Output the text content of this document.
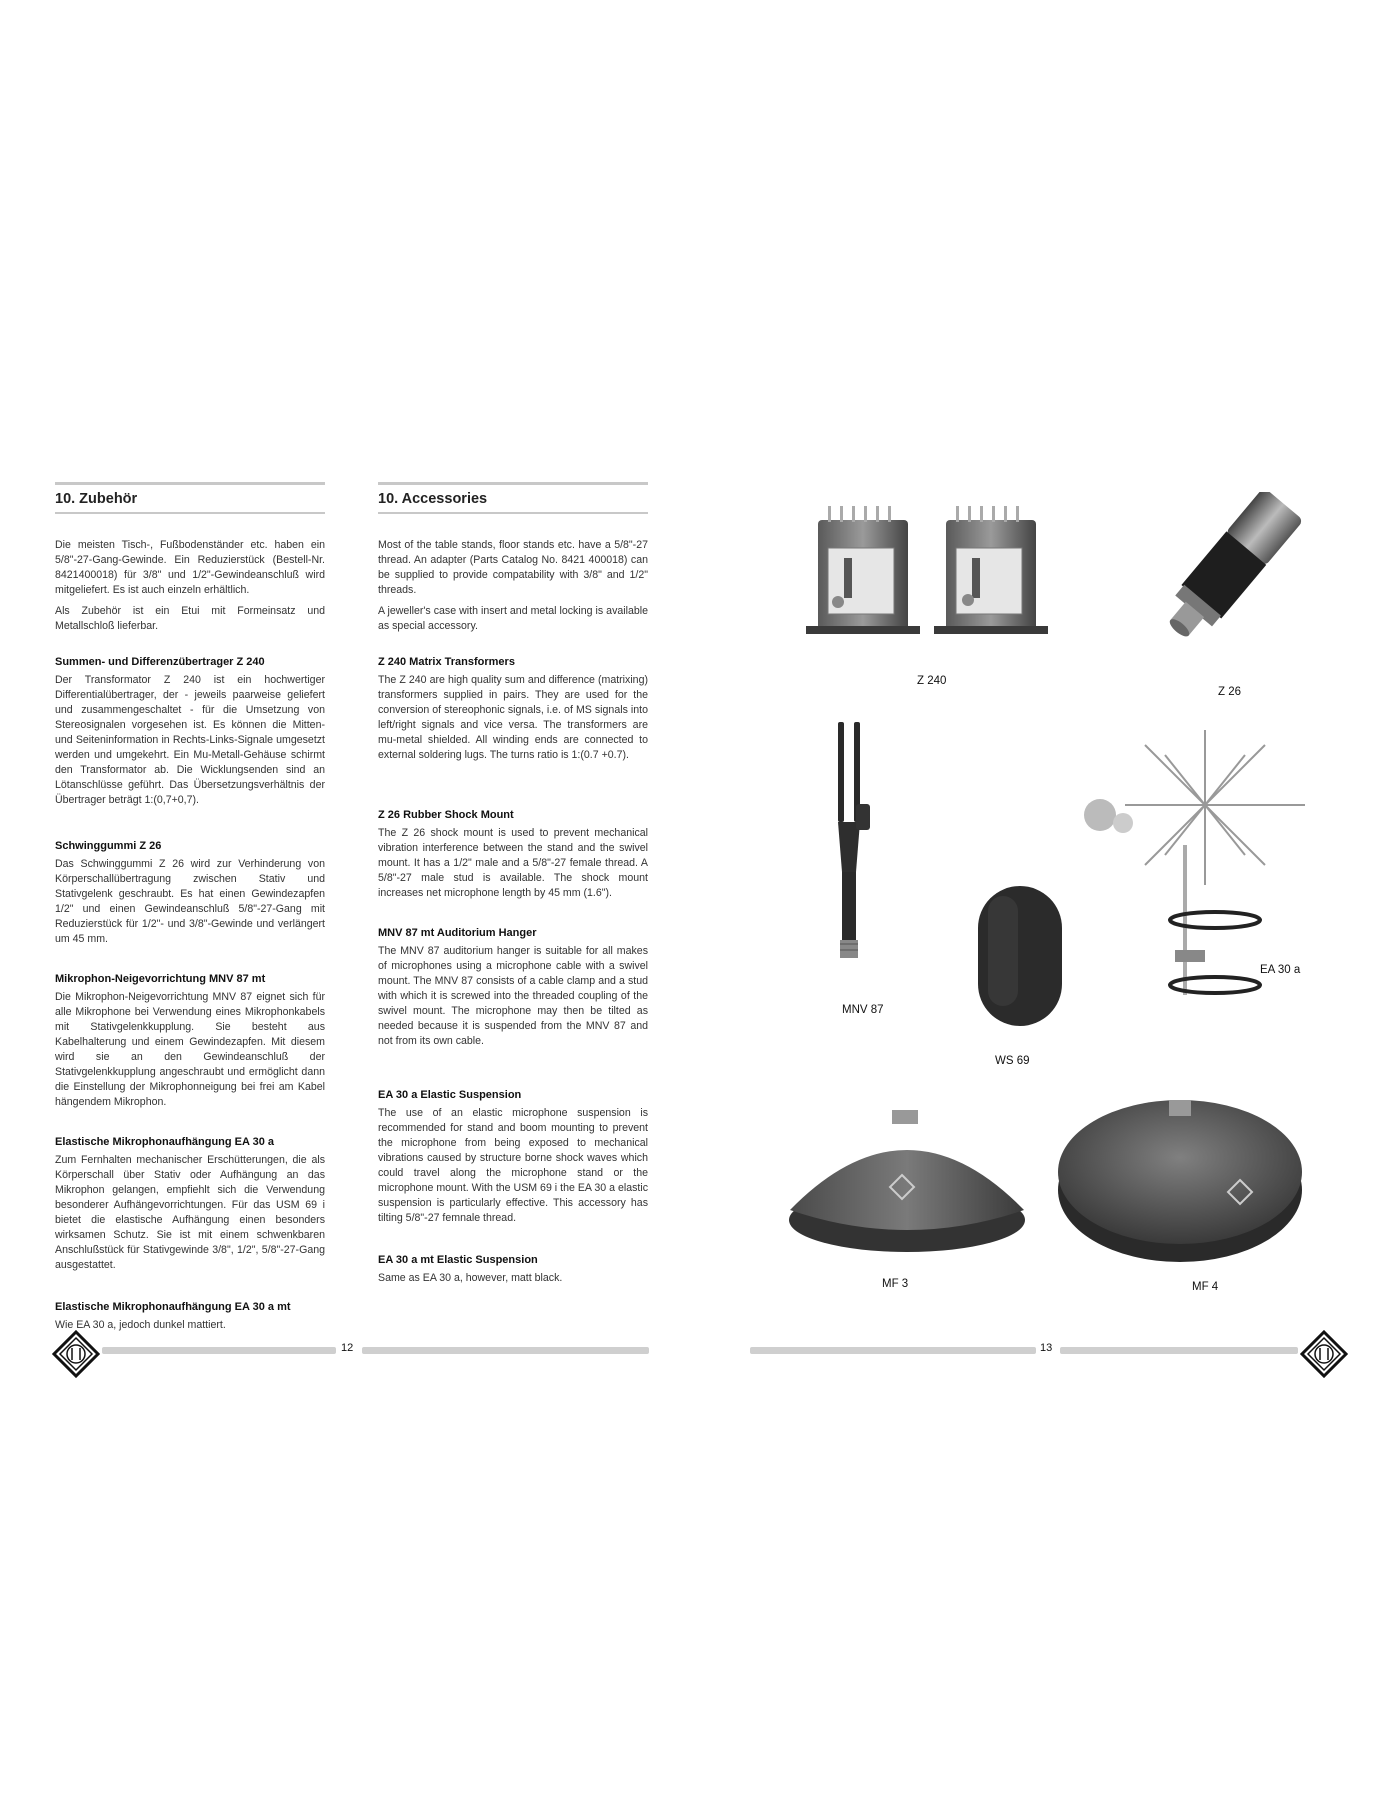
10. Zubehör

Die meisten Tisch-, Fußbodenständer etc. haben ein 5/8"-27-Gang-Gewinde. Ein Reduzierstück (Bestell-Nr. 8421400018) für 3/8" und 1/2"-Gewindeanschluß wird mitgeliefert. Es ist auch einzeln erhältlich.

Als Zubehör ist ein Etui mit Formeinsatz und Metallschloß lieferbar.

Summen- und Differenzübertrager Z 240

Der Transformator Z 240 ist ein hochwertiger Differentialübertrager, der - jeweils paarweise geliefert und zusammengeschaltet - für die Umsetzung von Stereosignalen vorgesehen ist. Es können die Mitten- und Seiteninformation in Rechts-Links-Signale umgesetzt werden und umgekehrt. Ein Mu-Metall-Gehäuse schirmt den Transformator ab. Die Wicklungsenden sind an Lötanschlüsse geführt. Das Übersetzungsverhältnis der Übertrager beträgt 1:(0,7+0,7).

Schwinggummi Z 26

Das Schwinggummi Z 26 wird zur Verhinderung von Körperschallübertragung zwischen Stativ und Stativgelenk geschraubt. Es hat einen Gewindezapfen 1/2" und einen Gewindeanschluß 5/8"-27-Gang mit Reduzierstück für 1/2"- und 3/8"-Gewinde und verlängert um 45 mm.

Mikrophon-Neigevorrichtung MNV 87 mt

Die Mikrophon-Neigevorrichtung MNV 87 eignet sich für alle Mikrophone bei Verwendung eines Mikrophonkabels mit Stativgelenkkupplung. Sie besteht aus Kabelhalterung und einem Gewindezapfen. Mit diesem wird sie an den Gewindeanschluß der Stativgelenkkupplung angeschraubt und ermöglicht dann die Einstellung der Mikrophonneigung bei frei am Kabel hängendem Mikrophon.

Elastische Mikrophonaufhängung EA 30 a

Zum Fernhalten mechanischer Erschütterungen, die als Körperschall über Stativ oder Aufhängung an das Mikrophon gelangen, empfiehlt sich die Verwendung besonderer Aufhängevorrichtungen. Für das USM 69 i bietet die elastische Aufhängung einen besonders wirksamen Schutz. Sie ist mit einem schwenkbaren Anschlußstück für Stativgewinde 3/8", 1/2", 5/8"-27-Gang ausgestattet.

Elastische Mikrophonaufhängung EA 30 a mt

Wie EA 30 a, jedoch dunkel mattiert.

10. Accessories

Most of the table stands, floor stands etc. have a 5/8"-27 thread. An adapter (Parts Catalog No. 8421 400018) can be supplied to provide compatability with 3/8" and 1/2" threads.

A jeweller's case with insert and metal locking is available as special accessory.

Z 240 Matrix Transformers

The Z 240 are high quality sum and difference (matrixing) transformers supplied in pairs. They are used for the conversion of stereophonic signals, i.e. of MS signals into left/right signals and vice versa. The transformers are mu-metal shielded. All winding ends are connected to external soldering lugs. The turns ratio is 1:(0.7 +0.7).

Z 26 Rubber Shock Mount

The Z 26 shock mount is used to prevent mechanical vibration interference between the stand and the swivel mount. It has a 1/2" male and a 5/8"-27 female thread. A 5/8"-27 male stud is available. The shock mount increases net microphone length by 45 mm (1.6").

MNV 87 mt Auditorium Hanger

The MNV 87 auditorium hanger is suitable for all makes of microphones using a microphone cable with a swivel mount. The MNV 87 consists of a cable clamp and a stud with which it is screwed into the threaded coupling of the swivel mount. The microphone may then be tilted as needed because it is suspended from the MNV 87 and not from its own cable.

EA 30 a Elastic Suspension

The use of an elastic microphone suspension is recommended for stand and boom mounting to prevent the microphone from being exposed to mechanical vibrations caused by structure borne shock waves which could travel along the microphone stand or the microphone mount. With the USM 69 i the EA 30 a elastic suspension is particularly effective. This accessory has tilting 5/8"-27 femnale thread.

EA 30 a mt Elastic Suspension

Same as EA 30 a, however, matt black.

Z 240
Z 26
MNV 87
WS 69
EA 30 a
MF 3	MF 4
12	13
